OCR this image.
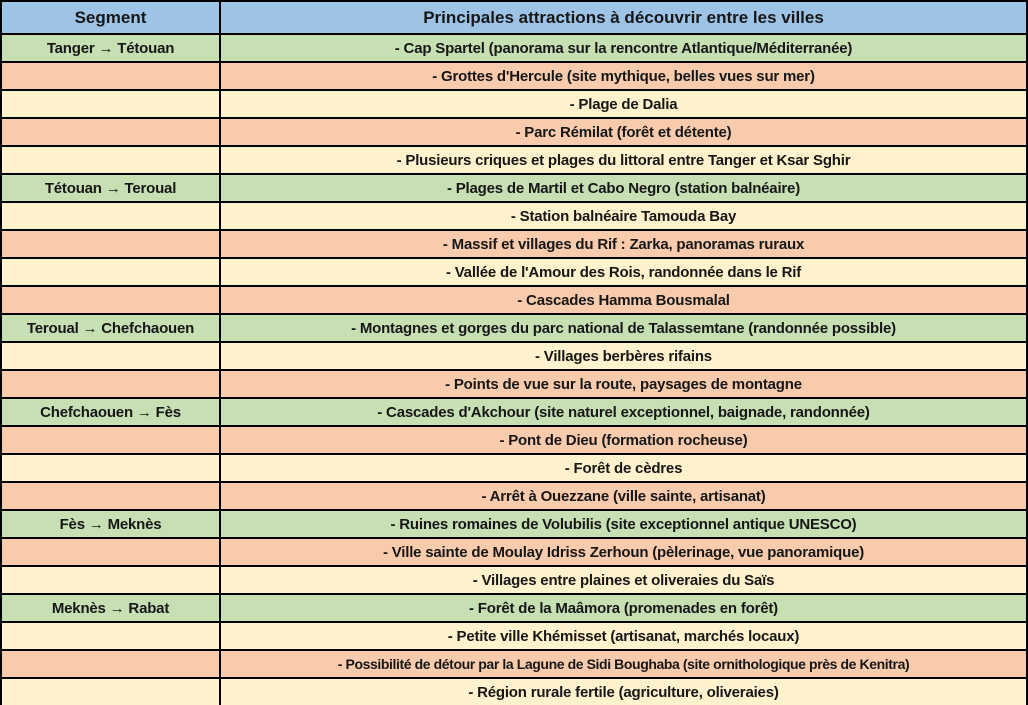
Segment	Principales attractions à découvrir entre les villes
Tanger → Tétouan	- Cap Spartel (panorama sur la rencontre Atlantique/Méditerranée)
	- Grottes d'Hercule (site mythique, belles vues sur mer)
	- Plage de Dalia
	- Parc Rémilat (forêt et détente)
	- Plusieurs criques et plages du littoral entre Tanger et Ksar Sghir
Tétouan → Teroual	- Plages de Martil et Cabo Negro (station balnéaire)
	- Station balnéaire Tamouda Bay
	- Massif et villages du Rif : Zarka, panoramas ruraux
	- Vallée de l'Amour des Rois, randonnée dans le Rif
	- Cascades Hamma Bousmalal
Teroual → Chefchaouen	- Montagnes et gorges du parc national de Talassemtane (randonnée possible)
	- Villages berbères rifains
	- Points de vue sur la route, paysages de montagne
Chefchaouen → Fès	- Cascades d'Akchour (site naturel exceptionnel, baignade, randonnée)
	- Pont de Dieu (formation rocheuse)
	- Forêt de cèdres
	- Arrêt à Ouezzane (ville sainte, artisanat)
Fès → Meknès	- Ruines romaines de Volubilis (site exceptionnel antique UNESCO)
	- Ville sainte de Moulay Idriss Zerhoun (pèlerinage, vue panoramique)
	- Villages entre plaines et oliveraies du Saïs
Meknès → Rabat	- Forêt de la Maâmora (promenades en forêt)
	- Petite ville Khémisset (artisanat, marchés locaux)
	- Possibilité de détour par la Lagune de Sidi Boughaba (site ornithologique près de Kenitra)
	- Région rurale fertile (agriculture, oliveraies)
